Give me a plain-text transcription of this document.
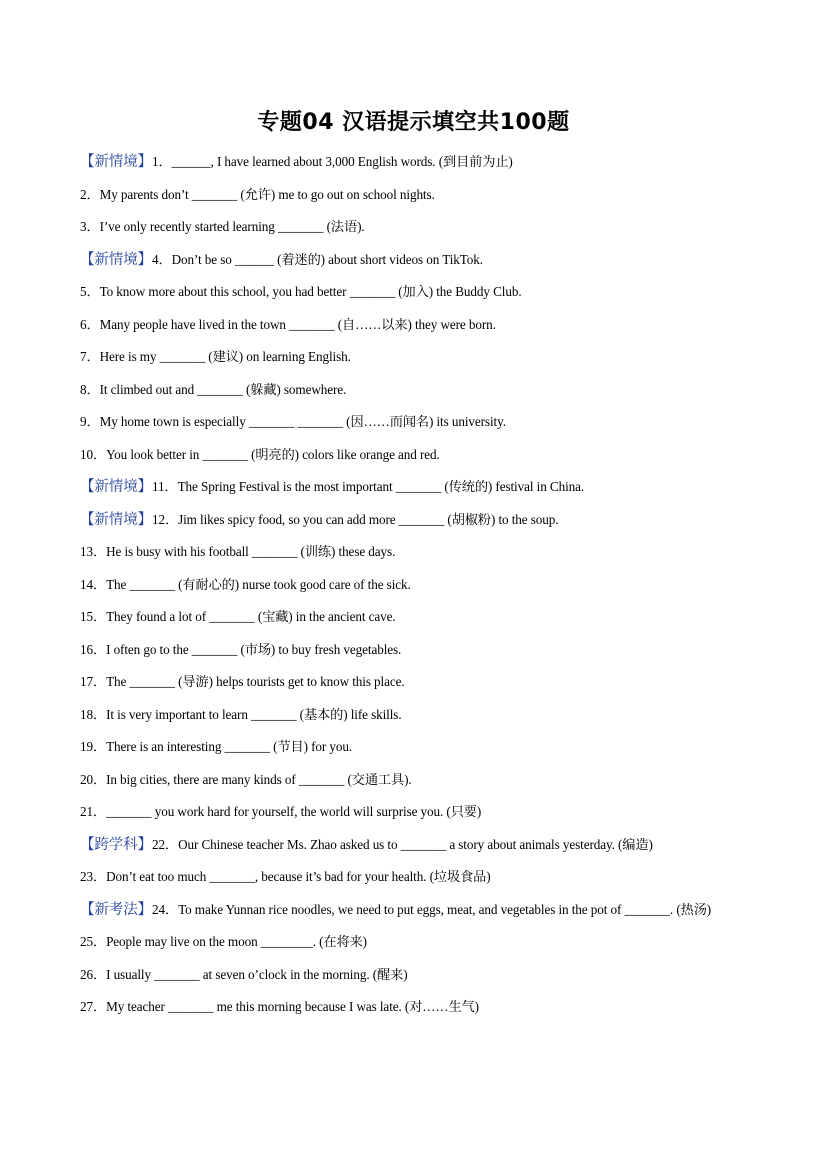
专题04 汉语提示填空共100题
【新情境】1．______, I have learned about 3,000 English words. (到目前为止)
2．My parents don’t _______ (允许) me to go out on school nights.
3．I’ve only recently started learning _______ (法语).
【新情境】4．Don’t be so ______ (着迷的) about short videos on TikTok.
5．To know more about this school, you had better _______ (加入) the Buddy Club.
6．Many people have lived in the town _______ (自……以来) they were born.
7．Here is my _______ (建议) on learning English.
8．It climbed out and _______ (躲藏) somewhere.
9．My home town is especially _______ _______ (因……而闻名) its university.
10．You look better in _______ (明亮的) colors like orange and red.
【新情境】11．The Spring Festival is the most important _______ (传统的) festival in China.
【新情境】12．Jim likes spicy food, so you can add more _______ (胡椒粉) to the soup.
13．He is busy with his football _______ (训练) these days.
14．The _______ (有耐心的) nurse took good care of the sick.
15．They found a lot of _______ (宝藏) in the ancient cave.
16．I often go to the _______ (市场) to buy fresh vegetables.
17．The _______ (导游) helps tourists get to know this place.
18．It is very important to learn _______ (基本的) life skills.
19．There is an interesting _______ (节目) for you.
20．In big cities, there are many kinds of _______ (交通工具).
21．_______ you work hard for yourself, the world will surprise you. (只要)
【跨学科】22．Our Chinese teacher Ms. Zhao asked us to _______ a story about animals yesterday. (编造)
23．Don’t eat too much _______, because it’s bad for your health. (垃圾食品)
【新考法】24．To make Yunnan rice noodles, we need to put eggs, meat, and vegetables in the pot of _______. (热汤)
25．People may live on the moon ________. (在将来)
26．I usually _______ at seven o’clock in the morning. (醒来)
27．My teacher _______ me this morning because I was late. (对……生气)
